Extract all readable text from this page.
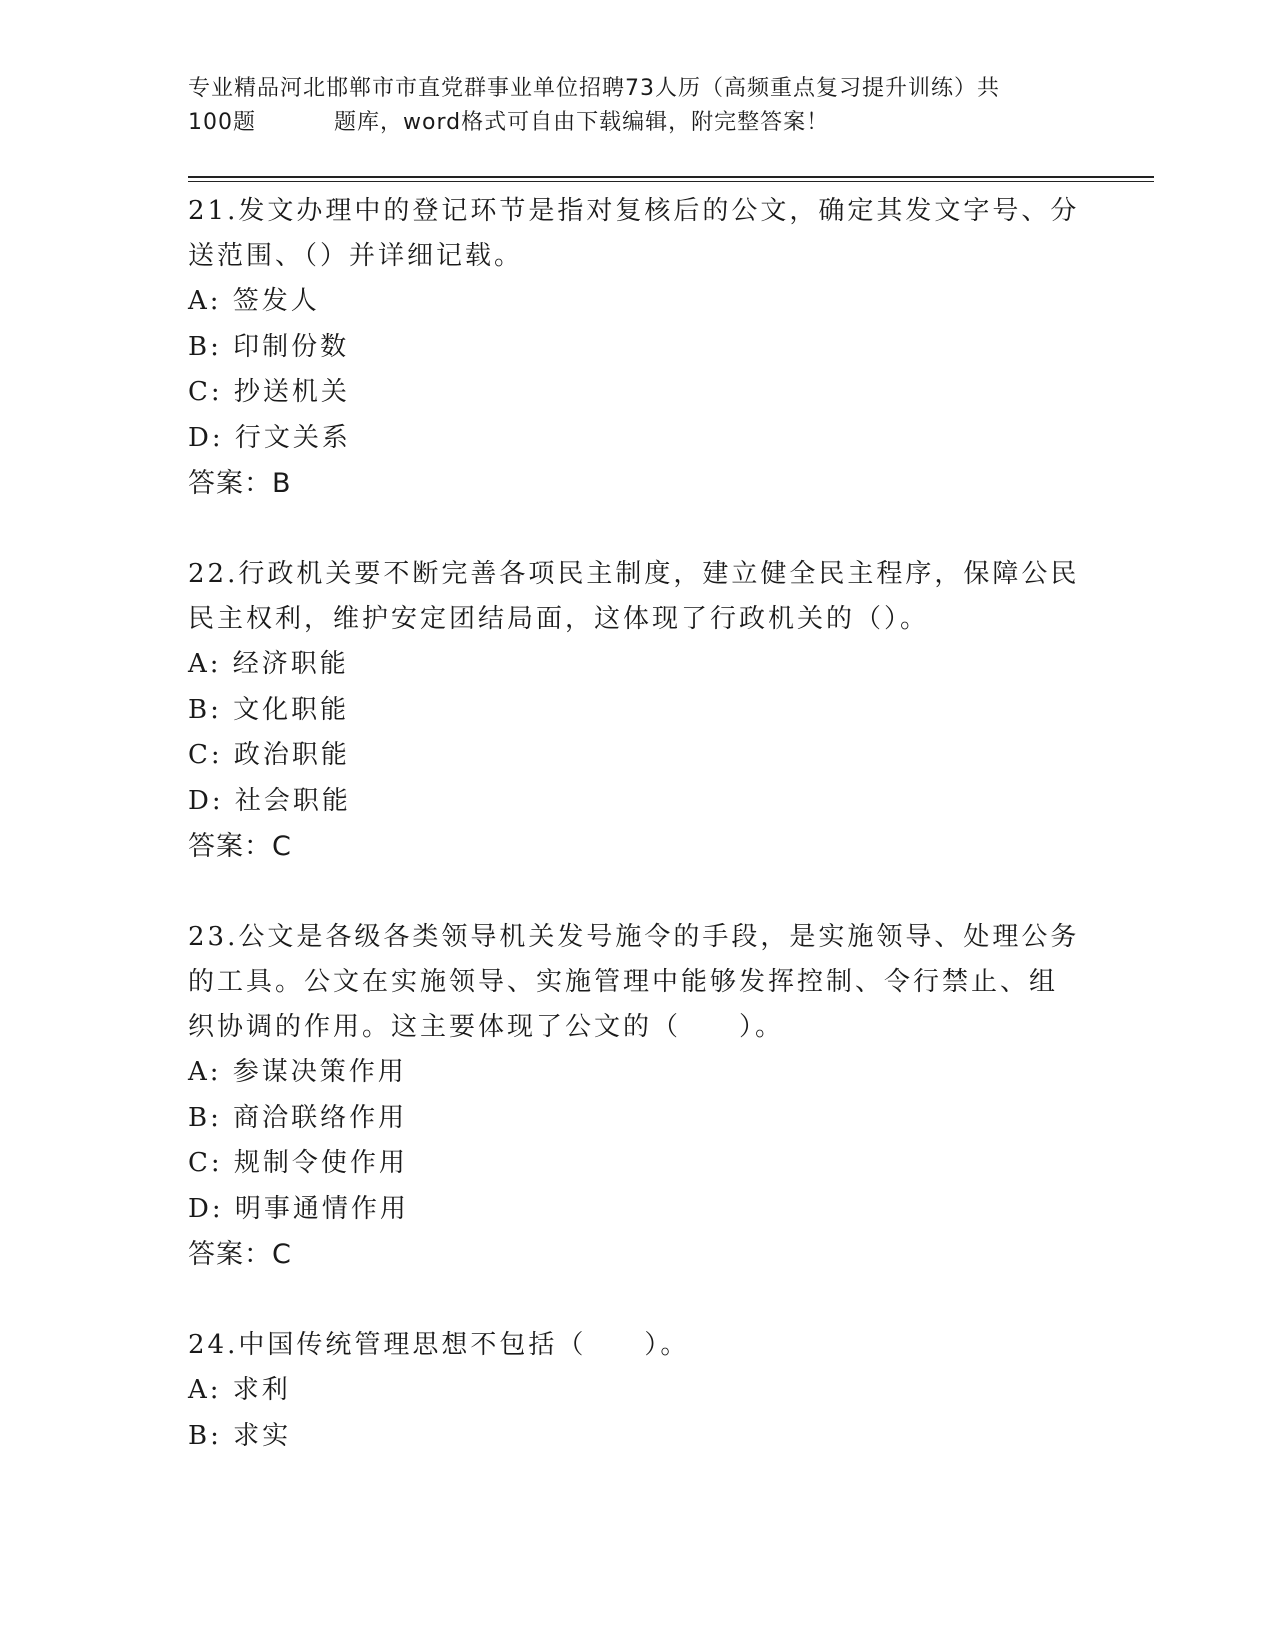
专业精品河北邯郸市市直党群事业单位招聘73人历（高频重点复习提升训练）共
100题	题库，word格式可自由下载编辑，附完整答案！

21.发文办理中的登记环节是指对复核后的公文，确定其发文字号、分
送范围、（）并详细记载。

A: 签发人

B: 印制份数

C: 抄送机关

D: 行文关系

答案：B

22.行政机关要不断完善各项民主制度，建立健全民主程序，保障公民
民主权利，维护安定团结局面，这体现了行政机关的（）。

A: 经济职能

B: 文化职能

C: 政治职能

D: 社会职能

答案：C

23.公文是各级各类领导机关发号施令的手段，是实施领导、处理公务
的工具。公文在实施领导、实施管理中能够发挥控制、令行禁止、组
织协调的作用。这主要体现了公文的（　　）。

A: 参谋决策作用

B: 商洽联络作用

C: 规制令使作用

D: 明事通情作用

答案：C

24.中国传统管理思想不包括（　　）。

A: 求利

B: 求实
